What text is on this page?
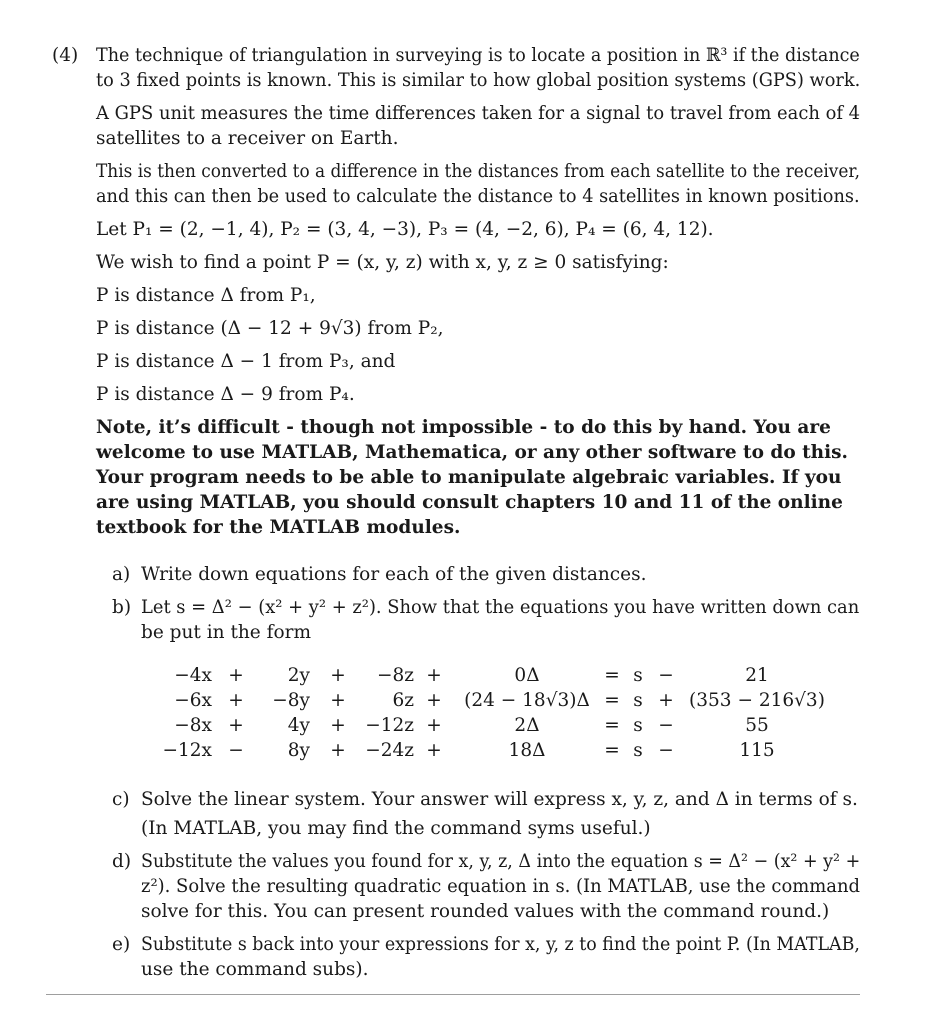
(4) The technique of triangulation in surveying is to locate a position in ℝ³ if the distance
to 3 fixed points is known. This is similar to how global position systems (GPS) work.
A GPS unit measures the time differences taken for a signal to travel from each of 4
satellites to a receiver on Earth.
This is then converted to a difference in the distances from each satellite to the receiver,
and this can then be used to calculate the distance to 4 satellites in known positions.
Let P₁ = (2, −1, 4), P₂ = (3, 4, −3), P₃ = (4, −2, 6), P₄ = (6, 4, 12).
We wish to find a point P = (x, y, z) with x, y, z ≥ 0 satisfying:
P is distance Δ from P₁,
P is distance (Δ − 12 + 9√3) from P₂,
P is distance Δ − 1 from P₃, and
P is distance Δ − 9 from P₄.
Note, it’s difficult - though not impossible - to do this by hand. You are
welcome to use MATLAB, Mathematica, or any other software to do this.
Your program needs to be able to manipulate algebraic variables. If you
are using MATLAB, you should consult chapters 10 and 11 of the online
textbook for the MATLAB modules.
a) Write down equations for each of the given distances.
b) Let s = Δ² − (x² + y² + z²). Show that the equations you have written down can
be put in the form
−4x +	2y +	−8z +	0Δ	= s −	21
−6x +	−8y +	6z +	(24 − 18√3)Δ = s + (353 − 216√3)
−8x +	4y + −12z +	2Δ	= s −	55
−12x −	8y + −24z +	18Δ	= s −	115
c) Solve the linear system. Your answer will express x, y, z, and Δ in terms of s.
(In MATLAB, you may find the command syms useful.)
d) Substitute the values you found for x, y, z, Δ into the equation s = Δ² − (x² + y² +
z²). Solve the resulting quadratic equation in s. (In MATLAB, use the command
solve for this. You can present rounded values with the command round.)
e) Substitute s back into your expressions for x, y, z to find the point P. (In MATLAB,
use the command subs).
